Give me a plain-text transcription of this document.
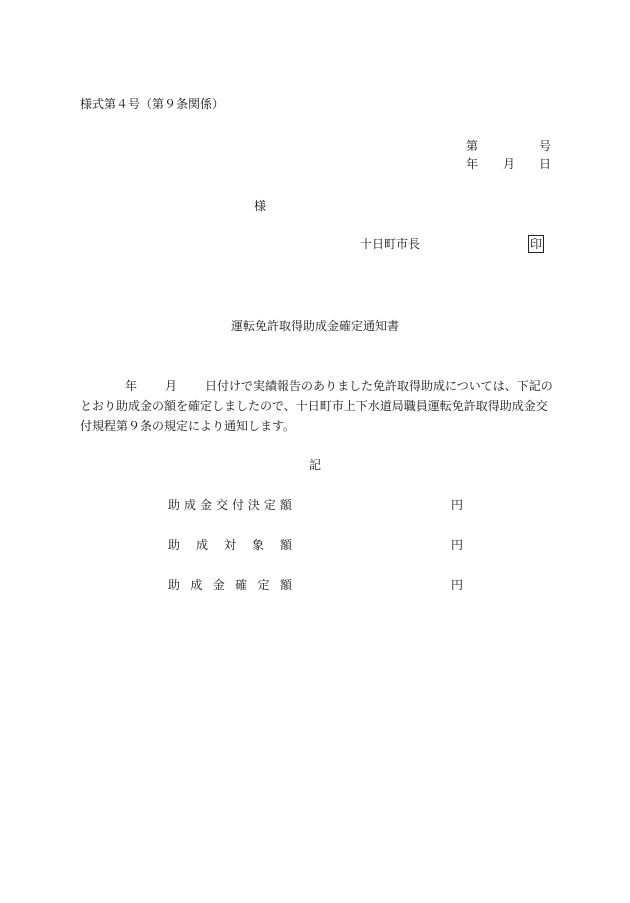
様式第４号（第９条関係）
第	号
年 月 日
様
十日町市長	印
運転免許取得助成金確定通知書
年 月 日付けで実績報告のありました免許取得助成については、下記の
とおり助成金の額を確定しましたので、十日町市上下水道局職員運転免許取得助成金交
付規程第９条の規定により通知します。
記
助 成 金 交 付 決 定 額	円
助 成 対 象 額	円
助 成 金 確 定 額	円
